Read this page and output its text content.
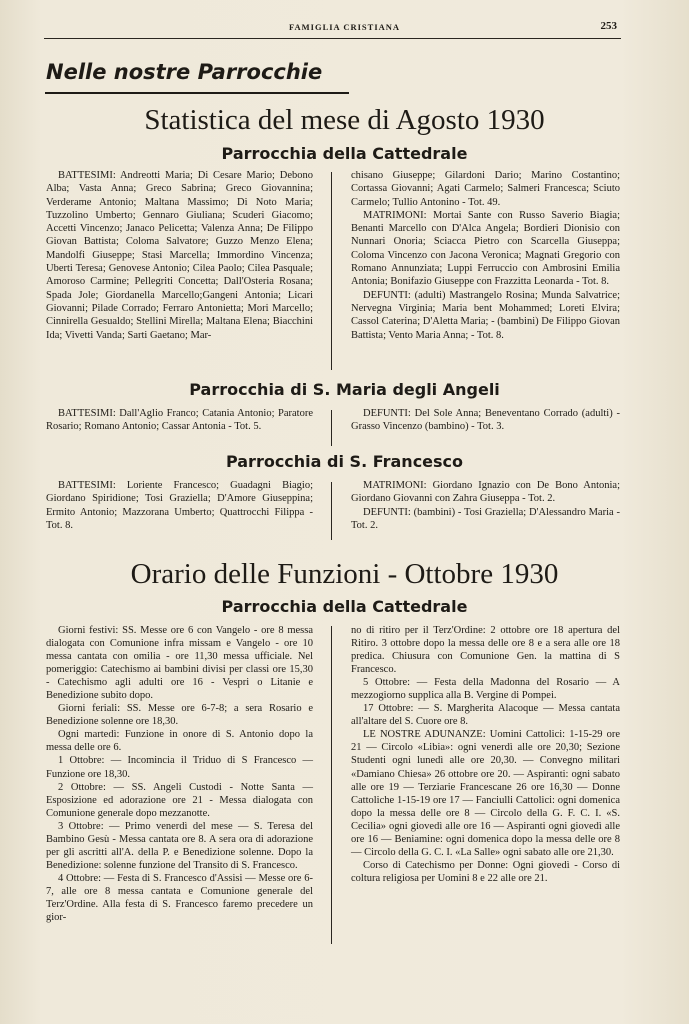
FAMIGLIA CRISTIANA	253
Nelle nostre Parrocchie
Statistica del mese di Agosto 1930
Parrocchia della Cattedrale

BATTESIMI: Andreotti Maria; Di Cesare Mario; Debono Alba; Vasta Anna; Greco Sabrina; Greco Giovannina; Verderame Antonio; Maltana Massimo; Di Noto Maria; Tuzzolino Umberto; Gennaro Giuliana; Scuderi Giacomo; Accetti Vincenzo; Janaco Pelicetta; Valenza Anna; De Filippo Giovan Battista; Coloma Salvatore; Guzzo Menzo Elena; Mandolfi Giuseppe; Stasi Marcella; Immordino Vincenza; Uberti Teresa; Genovese Antonio; Cilea Paolo; Cilea Pasquale; Amoroso Carmine; Pellegriti Concetta; Dall'Osteria Rosana; Spada Jole; Giordanella Marcello;Gangeni Antonia; Licari Giovanni; Pilade Corrado; Ferraro Antonietta; Mori Marcello; Cinnirella Gesualdo; Stellini Mirella; Maltana Elena; Biacchini Ida; Vivetti Vanda; Sarti Gaetano; Mar-

chisano Giuseppe; Gilardoni Dario; Marino Costantino; Cortassa Giovanni; Agati Carmelo; Salmeri Francesca; Sciuto Carmelo; Tullio Antonino - Tot. 49.

MATRIMONI: Mortai Sante con Russo Saverio Biagia; Benanti Marcello con D'Alca Angela; Bordieri Dionisio con Nunnari Onoria; Sciacca Pietro con Scarcella Giuseppa; Coloma Vincenzo con Jacona Veronica; Magnati Gregorio con Romano Annunziata; Luppi Ferruccio con Ambrosini Emilia Antonia; Bonifazio Giuseppe con Frazzitta Leonarda - Tot. 8.

DEFUNTI: (adulti) Mastrangelo Rosina; Munda Salvatrice; Nervegna Virginia; Maria bent Mohammed; Loreti Elvira; Cassol Caterina; D'Aletta Maria; - (bambini) De Filippo Giovan Battista; Vento Maria Anna; - Tot. 8.

Parrocchia di S. Maria degli Angeli

BATTESIMI: Dall'Aglio Franco; Catania Antonio; Paratore Rosario; Romano Antonio; Cassar Antonia - Tot. 5.

DEFUNTI: Del Sole Anna; Beneventano Corrado (adulti) - Grasso Vincenzo (bambino) - Tot. 3.

Parrocchia di S. Francesco

BATTESIMI: Loriente Francesco; Guadagni Biagio; Giordano Spiridione; Tosi Graziella; D'Amore Giuseppina; Ermito Antonio; Mazzorana Umberto; Quattrocchi Filippa - Tot. 8.

MATRIMONI: Giordano Ignazio con De Bono Antonia; Giordano Giovanni con Zahra Giuseppa - Tot. 2.

DEFUNTI: (bambini) - Tosi Graziella; D'Alessandro Maria - Tot. 2.

Orario delle Funzioni - Ottobre 1930
Parrocchia della Cattedrale

Giorni festivi: SS. Messe ore 6 con Vangelo - ore 8 messa dialogata con Comunione infra missam e Vangelo - ore 10 messa cantata con omilia - ore 11,30 messa ufficiale. Nel pomeriggio: Catechismo ai bambini divisi per classi ore 15,30 - Catechismo agli adulti ore 16 - Vespri o Litanie e Benedizione subito dopo.

Giorni feriali: SS. Messe ore 6-7-8; a sera Rosario e Benedizione solenne ore 18,30.

Ogni martedì: Funzione in onore di S. Antonio dopo la messa delle ore 6.

1 Ottobre: — Incomincia il Triduo di S Francesco — Funzione ore 18,30.

2 Ottobre: — SS. Angeli Custodi - Notte Santa — Esposizione ed adorazione ore 21 - Messa dialogata con Comunione generale dopo mezzanotte.

3 Ottobre: — Primo venerdì del mese — S. Teresa del Bambino Gesù - Messa cantata ore 8. A sera ora di adorazione per gli ascritti all'A. della P. e Benedizione solenne. Dopo la Benedizione: solenne funzione del Transito di S. Francesco.

4 Ottobre: — Festa di S. Francesco d'Assisi — Messe ore 6-7, alle ore 8 messa cantata e Comunione generale del Terz'Ordine. Alla festa di S. Francesco faremo precedere un gior-

no di ritiro per il Terz'Ordine: 2 ottobre ore 18 apertura del Ritiro. 3 ottobre dopo la messa delle ore 8 e a sera alle ore 18 predica. Chiusura con Comunione Gen. la mattina di S Francesco.

5 Ottobre: — Festa della Madonna del Rosario — A mezzogiorno supplica alla B. Vergine di Pompei.

17 Ottobre: — S. Margherita Alacoque — Messa cantata all'altare del S. Cuore ore 8.

LE NOSTRE ADUNANZE: Uomini Cattolici: 1-15-29 ore 21 — Circolo «Libia»: ogni venerdì alle ore 20,30; Sezione Studenti ogni lunedì alle ore 20,30. — Convegno militari «Damiano Chiesa» 26 ottobre ore 20. — Aspiranti: ogni sabato alle ore 19 — Terziarie Francescane 26 ore 16,30 — Donne Cattoliche 1-15-19 ore 17 — Fanciulli Cattolici: ogni domenica dopo la messa delle ore 8 — Circolo della G. F. C. I. «S. Cecilia» ogni giovedì alle ore 16 — Aspiranti ogni giovedì alle ore 16 — Beniamine: ogni domenica dopo la messa delle ore 8 — Circolo della G. C. I. «La Salle» ogni sabato alle ore 21,30.

Corso di Catechismo per Donne: Ogni giovedì - Corso di coltura religiosa per Uomini 8 e 22 alle ore 21.
